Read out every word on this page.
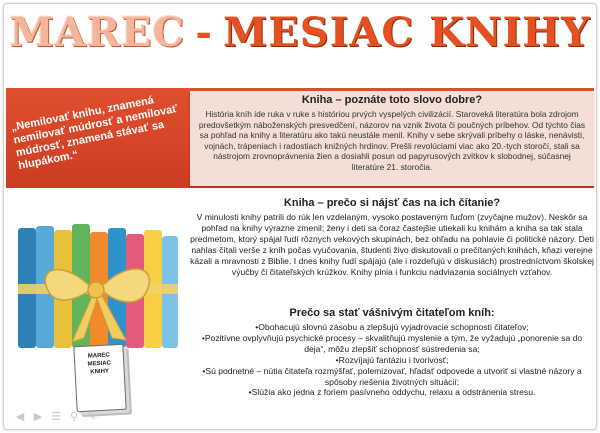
MAREC - MESIAC KNIHY
„Nemilovať knihu, znamená nemilovať múdrosť a nemilovať múdrosť, znamená stávať sa hlupákom.“
Kniha – poznáte toto slovo dobre?
História kníh ide ruka v ruke s históriou prvých vyspelých civilizácií. Staroveká literatúra bola zdrojom predovšetkým náboženských presvedčení, názorov na vznik života či poučných príbehov. Od týchto čias sa pohľad na knihy a literatúru ako takú neustále menil. Knihy v sebe skrývali príbehy o láske, nenávisti, vojnách, trápeniach i radostiach knižných hrdinov. Prešli revolúciami viac ako 20.-tych storočí, stali sa nástrojom zrovnoprávnenia žien a dosiahli posun od papyrusových zvitkov k slobodnej, súčasnej literatúre 21. storočia.
Kniha – prečo si nájsť čas na ich čítanie?
V minulosti knihy patrili do rúk len vzdelaným, vysoko postaveným ľuďom (zvyčajne mužov). Neskôr sa pohľad na knihy výrazne zmenil; ženy i deti sa čoraz častejšie utiekali ku knihám a kniha sa tak stala predmetom, ktorý spájal ľudí rôznych vekových skupinách, bez ohľadu na pohlavie či politické názory. Deti nahlas čítali verše z kníh počas vyučovania, študenti živo diskutovali o prečítaných knihách, kňazi verejne kázali a mravnosti z Biblie. I dnes knihy ľudí spájajú (ale i rozdeľujú v diskusiách) prostredníctvom školskej výučby či čitateľských krúžkov. Knihy plnia i funkciu nadviazania sociálnych vzťahov.
Prečo sa stať vášnivým čitateľom kníh:
• Obohacujú slovnú zásobu a zlepšujú vyjadrovacie schopnosti čitateľov;
• Pozitívne ovplyvňujú psychické procesy – skvalitňujú myslenie a tým, že vyžadujú „ponorenie sa do deja“, môžu zlepšiť schopnosť sústredenia sa;
• Rozvíjajú fantáziu i tvorivosť;
• Sú podnetné – nútia čitateľa rozmýšľať, polemizovať, hľadať odpovede a utvoriť si vlastné názory a spôsoby riešenia životných situácií;
• Slúžia ako jedna z foriem pasívneho oddychu, relaxu a odstránenia stresu.
MAREC
MESIAC
KNIHY
◀ ▶ ☰ ⚲ ✎
